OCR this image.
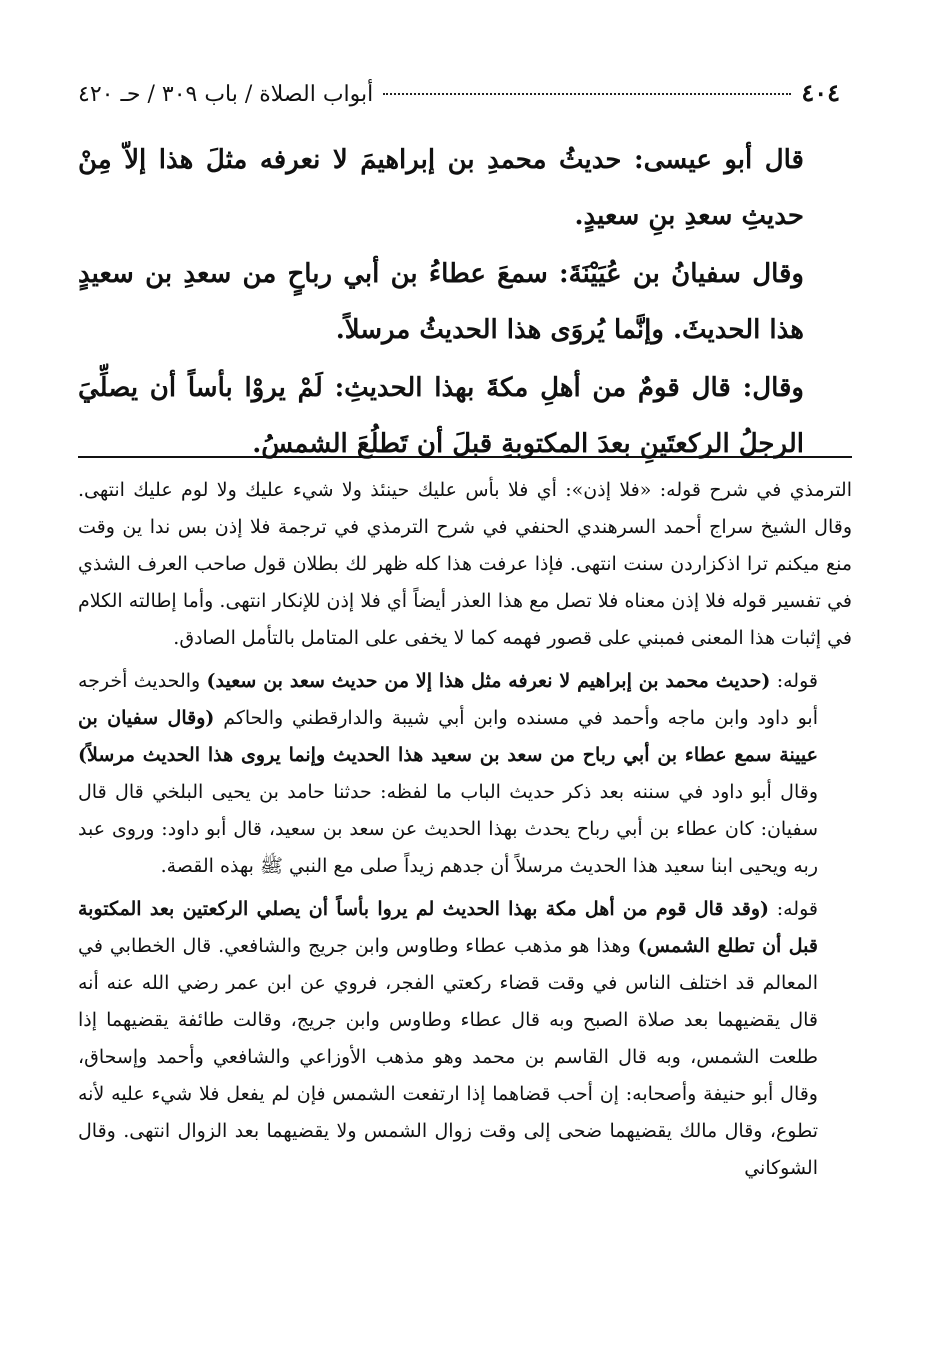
٤٠٤
أبواب الصلاة / باب ٣٠٩ / حـ ٤٢٠

قال أبو عيسى: حديثُ محمدِ بن إبراهيمَ لا نعرفه مثلَ هذا إلاّ مِنْ حديثِ سعدِ بنِ سعيدٍ.

وقال سفيانُ بن عُيَيْنَةَ: سمعَ عطاءُ بن أبي رباحٍ من سعدِ بن سعيدٍ هذا الحديثَ. وإنَّما يُروَى هذا الحديثُ مرسلاً.

وقال: قال قومٌ من أهلِ مكةَ بهذا الحديثِ: لَمْ يروْا بأساً أن يصلِّيَ الرجلُ الركعتَينِ بعدَ المكتوبةِ قبلَ أن تَطلُعَ الشمسُ.

الترمذي في شرح قوله: «فلا إذن»: أي فلا بأس عليك حينئذ ولا شيء عليك ولا لوم عليك انتهى. وقال الشيخ سراج أحمد السرهندي الحنفي في شرح الترمذي في ترجمة فلا إذن بس ندا ين وقت منع ميكنم ترا اذكزاردن سنت انتهى. فإذا عرفت هذا كله ظهر لك بطلان قول صاحب العرف الشذي في تفسير قوله فلا إذن معناه فلا تصل مع هذا العذر أيضاً أي فلا إذن للإنكار انتهى. وأما إطالته الكلام في إثبات هذا المعنى فمبني على قصور فهمه كما لا يخفى على المتامل بالتأمل الصادق.

قوله: (حديث محمد بن إبراهيم لا نعرفه مثل هذا إلا من حديث سعد بن سعيد) والحديث أخرجه أبو داود وابن ماجه وأحمد في مسنده وابن أبي شيبة والدارقطني والحاكم (وقال سفيان بن عيينة سمع عطاء بن أبي رباح من سعد بن سعيد هذا الحديث وإنما يروى هذا الحديث مرسلاً) وقال أبو داود في سننه بعد ذكر حديث الباب ما لفظه: حدثنا حامد بن يحيى البلخي قال قال سفيان: كان عطاء بن أبي رباح يحدث بهذا الحديث عن سعد بن سعيد، قال أبو داود: وروى عبد ربه ويحيى ابنا سعيد هذا الحديث مرسلاً أن جدهم زيداً صلى مع النبي ﷺ بهذه القصة.

قوله: (وقد قال قوم من أهل مكة بهذا الحديث لم يروا بأساً أن يصلي الركعتين بعد المكتوبة قبل أن تطلع الشمس) وهذا هو مذهب عطاء وطاوس وابن جريج والشافعي. قال الخطابي في المعالم قد اختلف الناس في وقت قضاء ركعتي الفجر، فروي عن ابن عمر رضي الله عنه أنه قال يقضيهما بعد صلاة الصبح وبه قال عطاء وطاوس وابن جريج، وقالت طائفة يقضيهما إذا طلعت الشمس، وبه قال القاسم بن محمد وهو مذهب الأوزاعي والشافعي وأحمد وإسحاق، وقال أبو حنيفة وأصحابه: إن أحب قضاهما إذا ارتفعت الشمس فإن لم يفعل فلا شيء عليه لأنه تطوع، وقال مالك يقضيهما ضحى إلى وقت زوال الشمس ولا يقضيهما بعد الزوال انتهى. وقال الشوكاني
